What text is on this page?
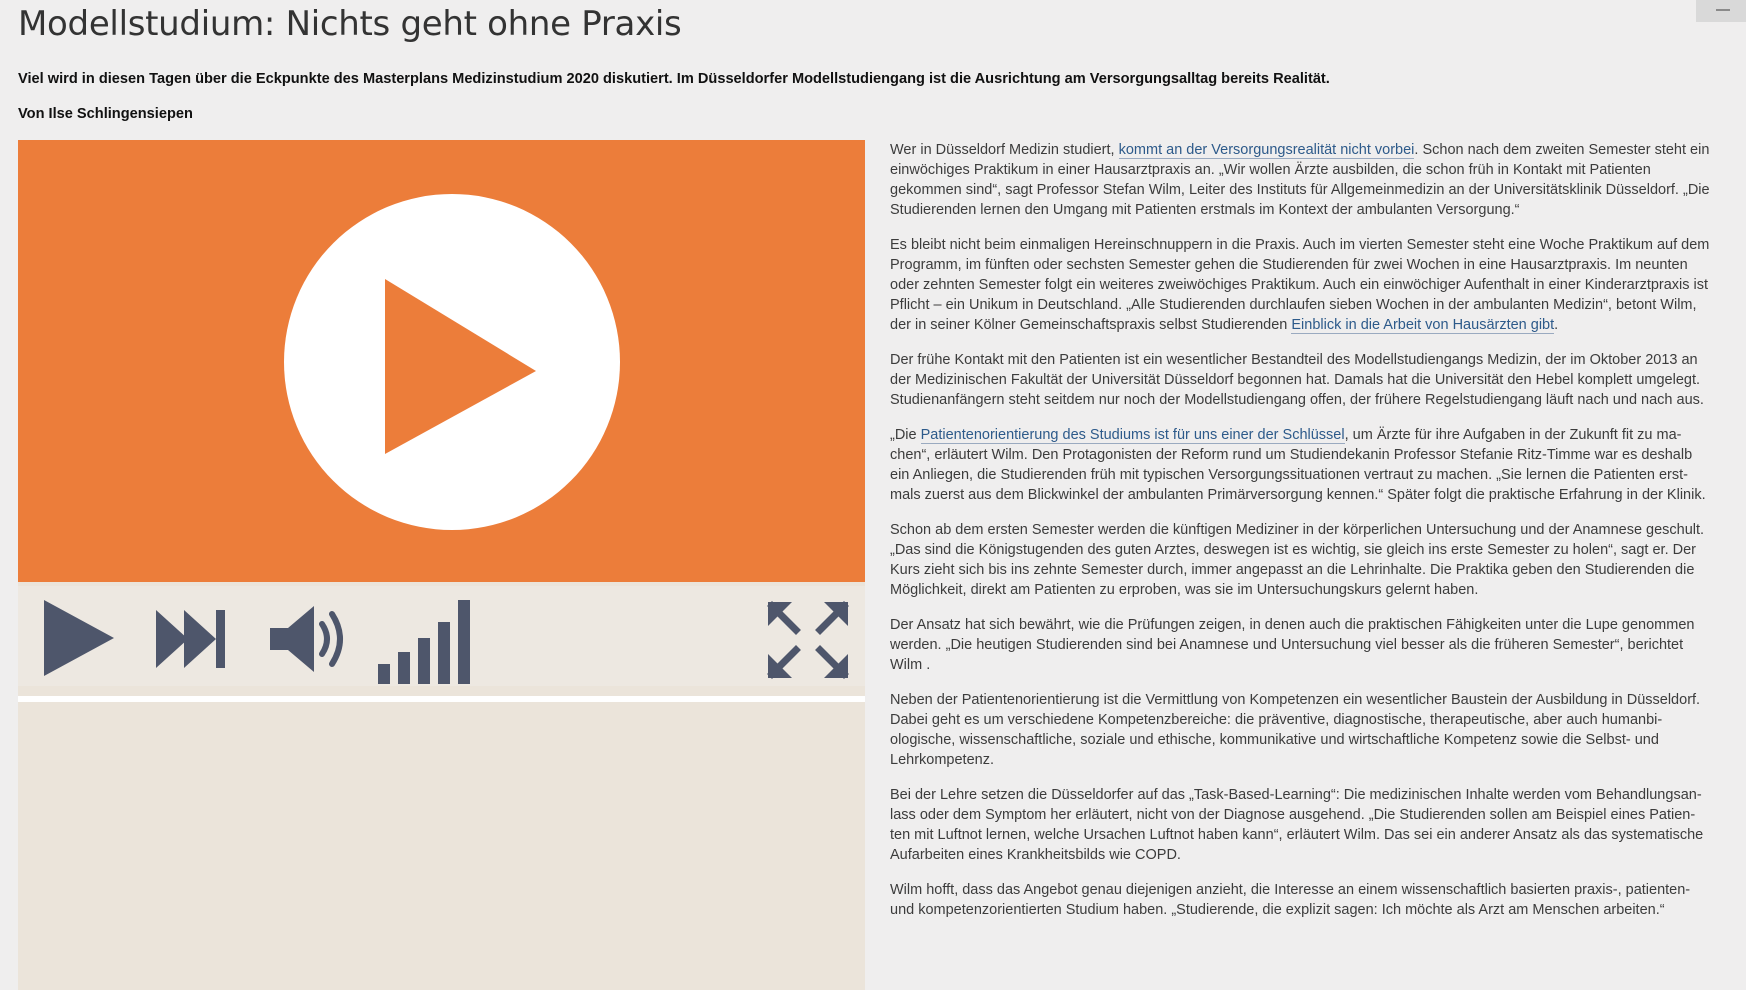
Modellstudium: Nichts geht ohne Praxis

Viel wird in diesen Tagen über die Eckpunkte des Masterplans Medizinstudium 2020 diskutiert. Im Düsseldorfer Modellstudiengang ist die Ausrichtung am Versorgungsalltag bereits Realität.

Von Ilse Schlingensiepen

Wer in Düsseldorf Medizin studiert, kommt an der Versorgungsrealität nicht vorbei. Schon nach dem zweiten Semester steht ein einwöchiges Praktikum in einer Hausarztpraxis an. „Wir wollen Ärzte ausbilden, die schon früh in Kontakt mit Patienten gekommen sind“, sagt Professor Stefan Wilm, Leiter des Instituts für Allgemeinmedizin an der Universitätsklinik Düsseldorf. „Die Studierenden lernen den Umgang mit Patienten erstmals im Kontext der ambulanten Versorgung.“

Es bleibt nicht beim einmaligen Hereinschnuppern in die Praxis. Auch im vierten Semester steht eine Woche Praktikum auf dem Programm, im fünften oder sechsten Semester gehen die Studierenden für zwei Wochen in eine Hausarztpraxis. Im neunten oder zehnten Semester folgt ein weiteres zweiwöchiges Praktikum. Auch ein einwöchiger Aufenthalt in einer Kinderarztpraxis ist Pflicht – ein Unikum in Deutschland. „Alle Studierenden durchlaufen sieben Wochen in der ambulanten Medizin“, betont Wilm, der in seiner Kölner Gemeinschaftspraxis selbst Studierenden Einblick in die Arbeit von Hausärzten gibt.

Der frühe Kontakt mit den Patienten ist ein wesentlicher Bestandteil des Modellstudiengangs Medizin, der im Oktober 2013 an der Medizinischen Fakultät der Universität Düsseldorf begonnen hat. Damals hat die Universität den Hebel komplett umgelegt. Studienanfängern steht seitdem nur noch der Modellstudiengang offen, der frühere Regelstudiengang läuft nach und nach aus.

„Die Patientenorientierung des Studiums ist für uns einer der Schlüssel, um Ärzte für ihre Aufgaben in der Zukunft fit zu machen“, erläutert Wilm. Den Protagonisten der Reform rund um Studiendekanin Professor Stefanie Ritz-Timme war es deshalb ein Anliegen, die Studierenden früh mit typischen Versorgungssituationen vertraut zu machen. „Sie lernen die Patienten erstmals zuerst aus dem Blickwinkel der ambulanten Primärversorgung kennen.“ Später folgt die praktische Erfahrung in der Klinik.

Schon ab dem ersten Semester werden die künftigen Mediziner in der körperlichen Untersuchung und der Anamnese geschult. „Das sind die Königstugenden des guten Arztes, deswegen ist es wichtig, sie gleich ins erste Semester zu holen“, sagt er. Der Kurs zieht sich bis ins zehnte Semester durch, immer angepasst an die Lehrinhalte. Die Praktika geben den Studierenden die Möglichkeit, direkt am Patienten zu erproben, was sie im Untersuchungskurs gelernt haben.

Der Ansatz hat sich bewährt, wie die Prüfungen zeigen, in denen auch die praktischen Fähigkeiten unter die Lupe genommen werden. „Die heutigen Studierenden sind bei Anamnese und Untersuchung viel besser als die früheren Semester“, berichtet Wilm .

Neben der Patientenorientierung ist die Vermittlung von Kompetenzen ein wesentlicher Baustein der Ausbildung in Düsseldorf. Dabei geht es um verschiedene Kompetenzbereiche: die präventive, diagnostische, therapeutische, aber auch humanbiologische, wissenschaftliche, soziale und ethische, kommunikative und wirtschaftliche Kompetenz sowie die Selbst- und Lehrkompetenz.

Bei der Lehre setzen die Düsseldorfer auf das „Task-Based-Learning“: Die medizinischen Inhalte werden vom Behandlungsanlass oder dem Symptom her erläutert, nicht von der Diagnose ausgehend. „Die Studierenden sollen am Beispiel eines Patienten mit Luftnot lernen, welche Ursachen Luftnot haben kann“, erläutert Wilm. Das sei ein anderer Ansatz als das systematische Aufarbeiten eines Krankheitsbilds wie COPD.

Wilm hofft, dass das Angebot genau diejenigen anzieht, die Interesse an einem wissenschaftlich basierten praxis-, patienten- und kompetenzorientierten Studium haben. „Studierende, die explizit sagen: Ich möchte als Arzt am Menschen arbeiten.“
